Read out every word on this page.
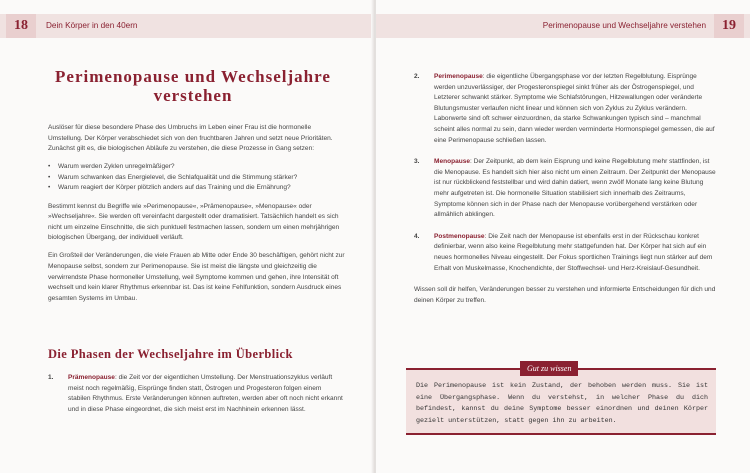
18	Dein Körper in den 40ern
Perimenopause und Wechseljahre verstehen

Auslöser für diese besondere Phase des Umbruchs im Leben einer Frau ist die hormonelle Umstellung. Der Körper verabschiedet sich von den fruchtbaren Jahren und setzt neue Prioritäten. Zunächst gilt es, die biologischen Abläufe zu verstehen, die diese Prozesse in Gang setzen:

• Warum werden Zyklen unregelmäßiger?
• Warum schwanken das Energielevel, die Schlafqualität und die Stimmung stärker?
• Warum reagiert der Körper plötzlich anders auf das Training und die Ernährung?

Bestimmt kennst du Begriffe wie »Perimenopause«, »Prämenopause«, »Menopause« oder »Wechseljahre«. Sie werden oft vereinfacht dargestellt oder dramatisiert. Tatsächlich handelt es sich nicht um einzelne Einschnitte, die sich punktuell festmachen lassen, sondern um einen mehrjährigen biologischen Übergang, der individuell verläuft.

Ein Großteil der Veränderungen, die viele Frauen ab Mitte oder Ende 30 beschäftigen, gehört nicht zur Menopause selbst, sondern zur Perimenopause. Sie ist meist die längste und gleichzeitig die verwirrendste Phase hormoneller Umstellung, weil Symptome kommen und gehen, ihre Intensität oft wechselt und kein klarer Rhythmus erkennbar ist. Das ist keine Fehlfunktion, sondern Ausdruck eines gesamten Systems im Umbau.

Die Phasen der Wechseljahre im Überblick
1. Prämenopause: die Zeit vor der eigentlichen Umstellung. Der Menstruationszyklus verläuft meist noch regelmäßig, Eisprünge finden statt, Östrogen und Progesteron folgen einem stabilen Rhythmus. Erste Veränderungen können auftreten, werden aber oft noch nicht erkannt und in diese Phase eingeordnet, die sich meist erst im Nachhinein erkennen lässt.
Perimenopause und Wechseljahre verstehen	19
2. Perimenopause: die eigentliche Übergangsphase vor der letzten Regelblutung. Eisprünge werden unzuverlässiger, der Progesteronspiegel sinkt früher als der Östrogenspiegel, und Letzterer schwankt stärker. Symptome wie Schlafstörungen, Hitzewallungen oder veränderte Blutungsmuster verlaufen nicht linear und können sich von Zyklus zu Zyklus verändern. Laborwerte sind oft schwer einzuordnen, da starke Schwankungen typisch sind – manchmal scheint alles normal zu sein, dann wieder werden verminderte Hormonspiegel gemessen, die auf eine Perimenopause schließen lassen.
3. Menopause: Der Zeitpunkt, ab dem kein Eisprung und keine Regelblutung mehr stattfinden, ist die Menopause. Es handelt sich hier also nicht um einen Zeitraum. Der Zeitpunkt der Menopause ist nur rückblickend feststellbar und wird dahin datiert, wenn zwölf Monate lang keine Blutung mehr aufgetreten ist. Die hormonelle Situation stabilisiert sich innerhalb des Zeitraums, Symptome können sich in der Phase nach der Menopause vorübergehend verstärken oder allmählich abklingen.
4. Postmenopause: Die Zeit nach der Menopause ist ebenfalls erst in der Rückschau konkret definierbar, wenn also keine Regelblutung mehr stattgefunden hat. Der Körper hat sich auf ein neues hormonelles Niveau eingestellt. Der Fokus sportlichen Trainings liegt nun stärker auf dem Erhalt von Muskelmasse, Knochendichte, der Stoffwechsel- und Herz-Kreislauf-Gesundheit.

Wissen soll dir helfen, Veränderungen besser zu verstehen und informierte Entscheidungen für dich und deinen Körper zu treffen.

Gut zu wissen
Die Perimenopause ist kein Zustand, der behoben werden muss. Sie ist eine Übergangsphase. Wenn du verstehst, in welcher Phase du dich befindest, kannst du deine Symptome besser einordnen und deinen Körper gezielt unterstützen, statt gegen ihn zu arbeiten.
